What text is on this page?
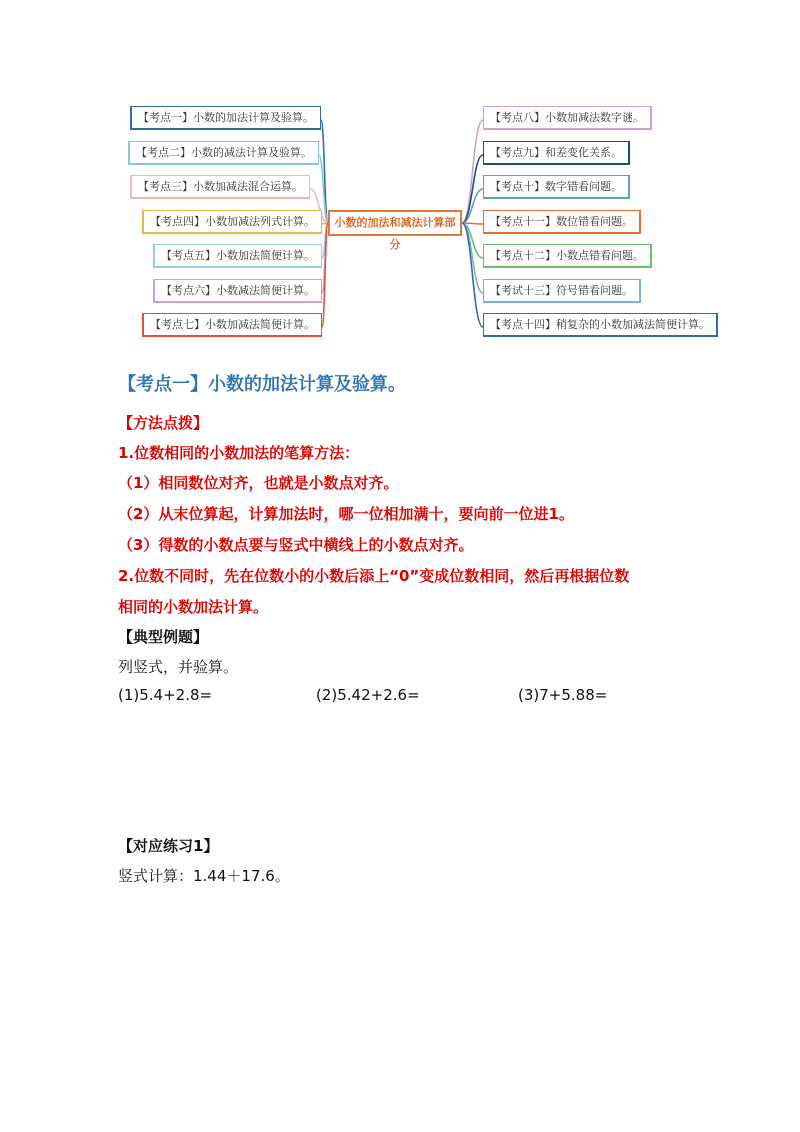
【考点一】小数的加法计算及验算。
【考点二】小数的减法计算及验算。
【考点三】小数加减法混合运算。
【考点四】小数加减法列式计算。
【考点五】小数加法简便计算。
【考点六】小数减法简便计算。
【考点七】小数加减法简便计算。
小数的加法和减法计算部分
【考点八】小数加减法数字谜。
【考点九】和差变化关系。
【考点十】数字错看问题。
【考点十一】数位错看问题。
【考点十二】小数点错看问题。
【考试十三】符号错看问题。
【考点十四】稍复杂的小数加减法简便计算。
【考点一】小数的加法计算及验算。
【方法点拨】
1.位数相同的小数加法的笔算方法：
（1）相同数位对齐，也就是小数点对齐。
（2）从末位算起，计算加法时，哪一位相加满十，要向前一位进1。
（3）得数的小数点要与竖式中横线上的小数点对齐。
2.位数不同时，先在位数小的小数后添上“0”变成位数相同，然后再根据位数
相同的小数加法计算。
【典型例题】
列竖式，并验算。
(1)5.4+2.8=	(2)5.42+2.6=	(3)7+5.88=
【对应练习1】
竖式计算：1.44＋17.6。
